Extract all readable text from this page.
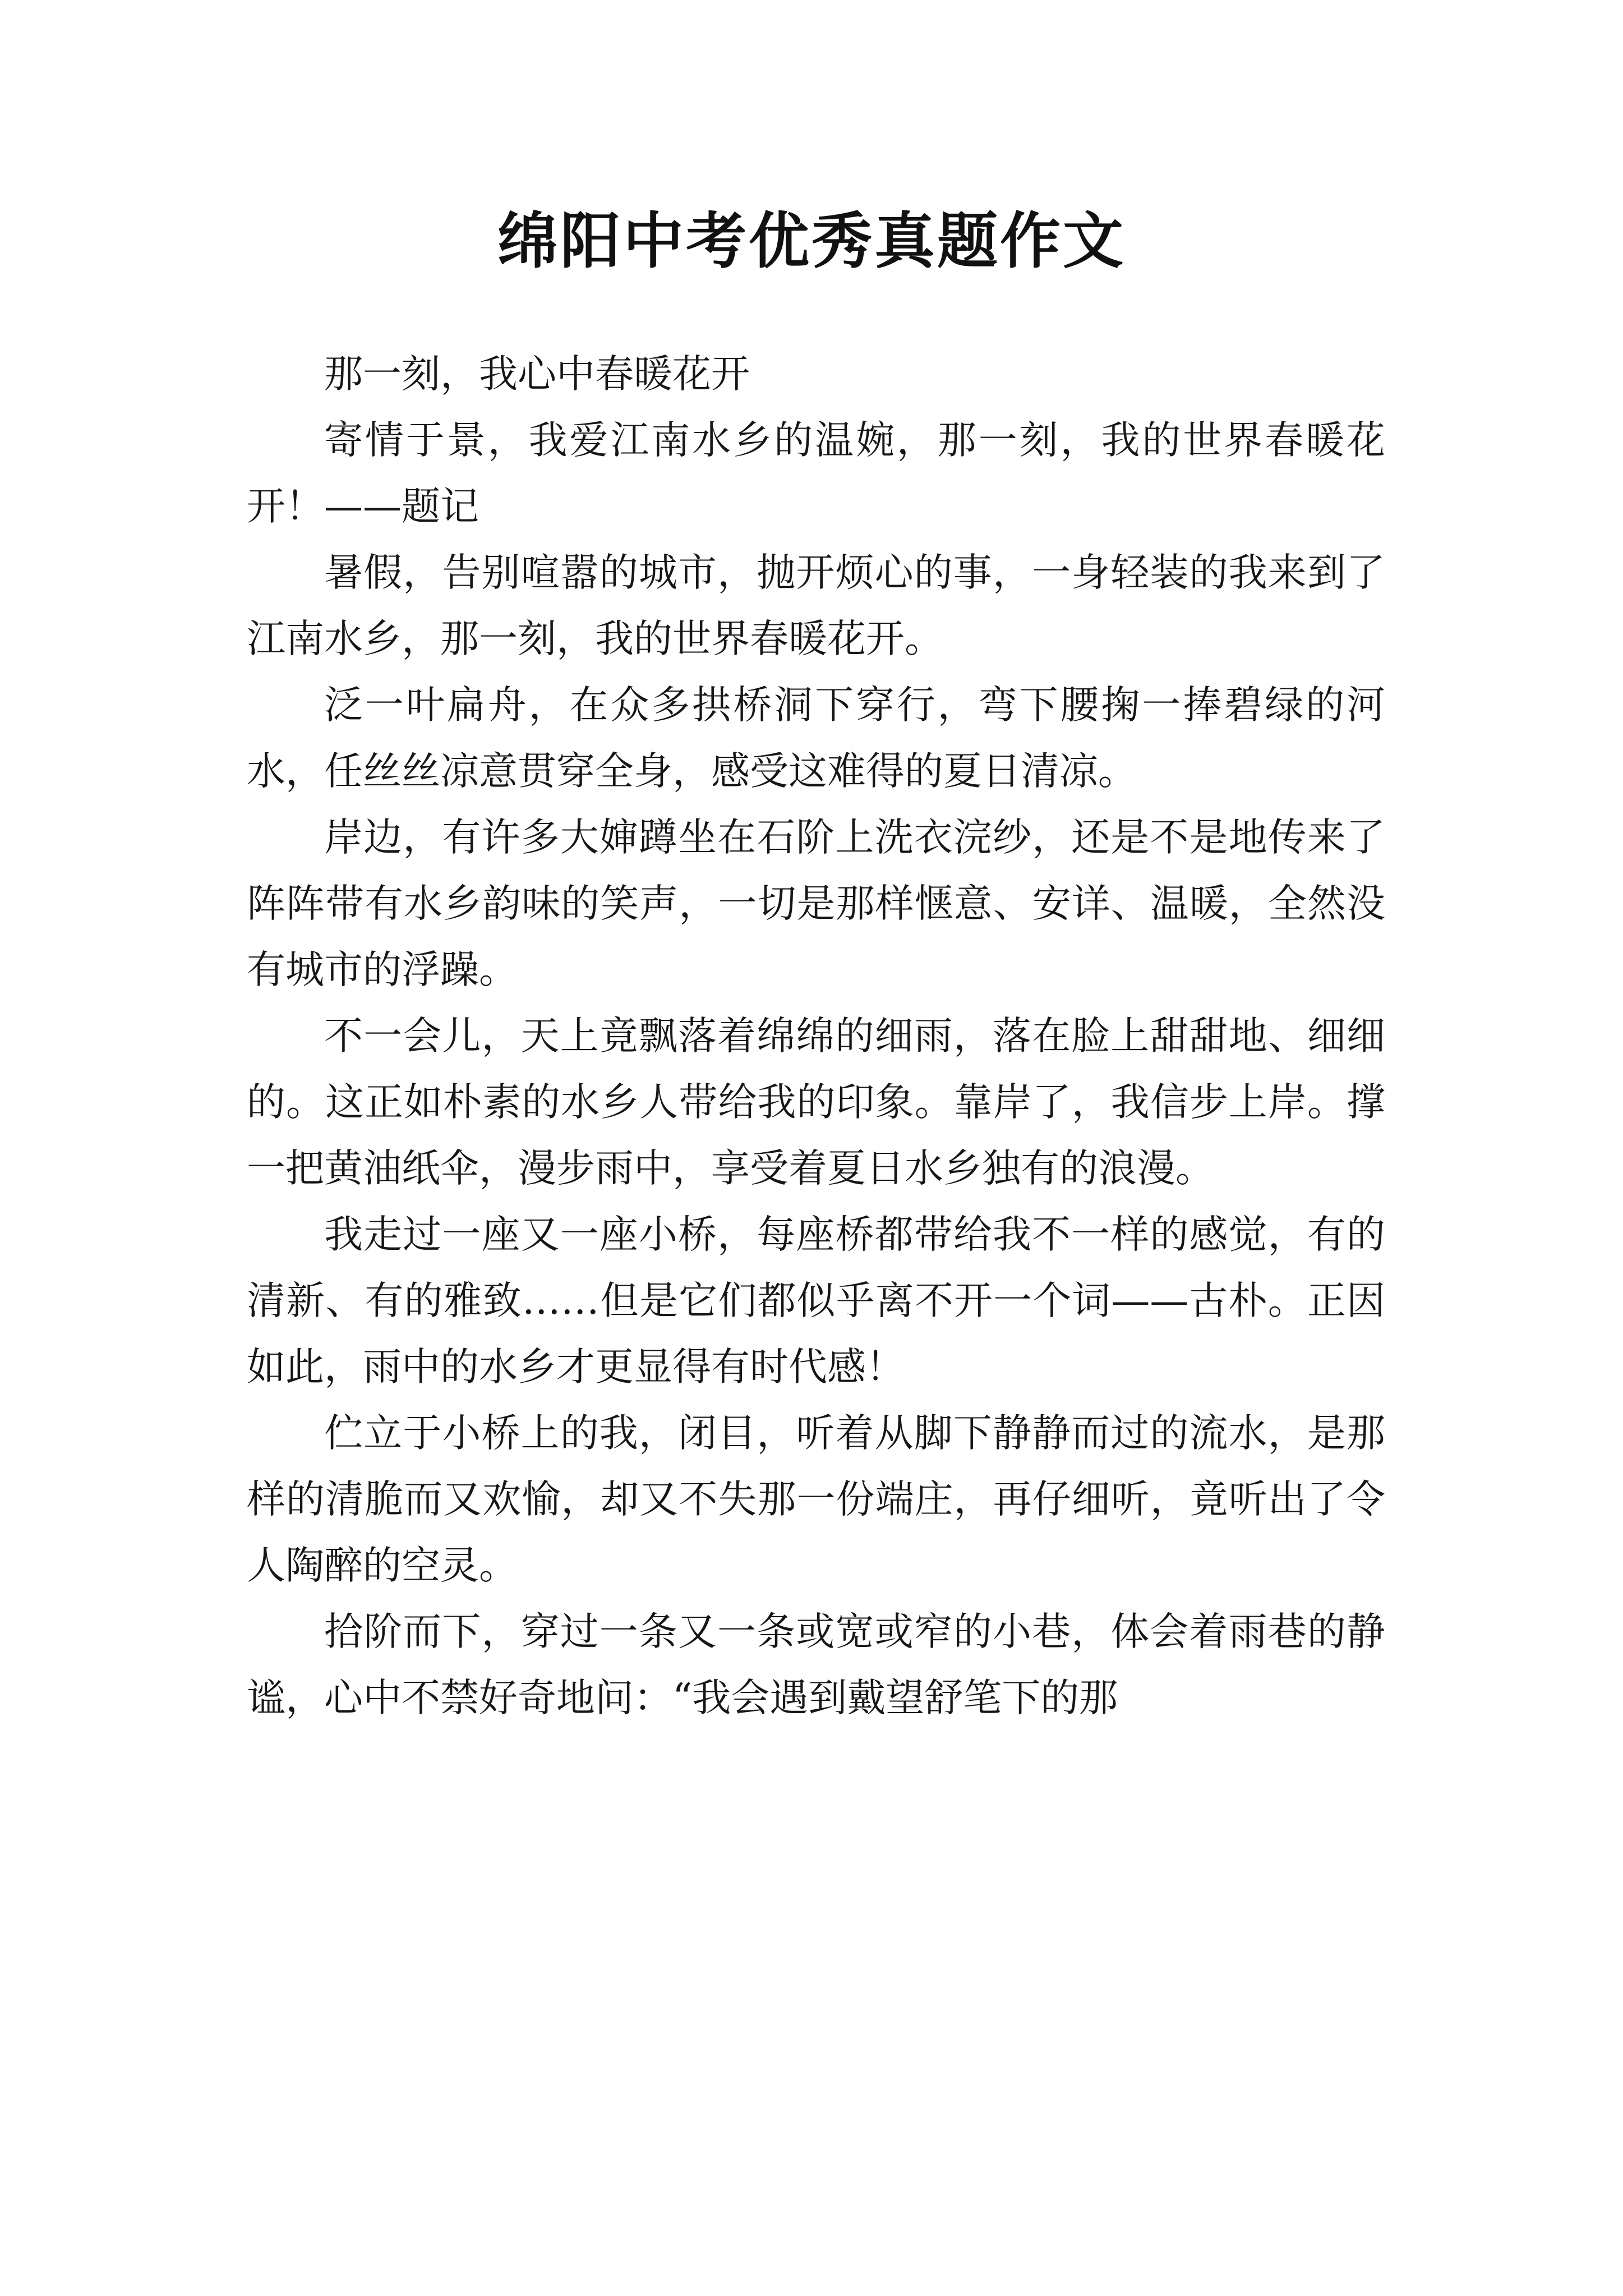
绵阳中考优秀真题作文

那一刻，我心中春暖花开

寄情于景，我爱江南水乡的温婉，那一刻，我的世界春暖花开！——题记

暑假，告别喧嚣的城市，抛开烦心的事，一身轻装的我来到了江南水乡，那一刻，我的世界春暖花开。

泛一叶扁舟，在众多拱桥洞下穿行，弯下腰掬一捧碧绿的河水，任丝丝凉意贯穿全身，感受这难得的夏日清凉。

岸边，有许多大婶蹲坐在石阶上洗衣浣纱，还是不是地传来了阵阵带有水乡韵味的笑声，一切是那样惬意、安详、温暖，全然没有城市的浮躁。

不一会儿，天上竟飘落着绵绵的细雨，落在脸上甜甜地、细细的。这正如朴素的水乡人带给我的印象。靠岸了，我信步上岸。撑一把黄油纸伞，漫步雨中，享受着夏日水乡独有的浪漫。

我走过一座又一座小桥，每座桥都带给我不一样的感觉，有的清新、有的雅致……但是它们都似乎离不开一个词——古朴。正因如此，雨中的水乡才更显得有时代感！

伫立于小桥上的我，闭目，听着从脚下静静而过的流水，是那样的清脆而又欢愉，却又不失那一份端庄，再仔细听，竟听出了令人陶醉的空灵。

拾阶而下，穿过一条又一条或宽或窄的小巷，体会着雨巷的静谧，心中不禁好奇地问：“我会遇到戴望舒笔下的那
